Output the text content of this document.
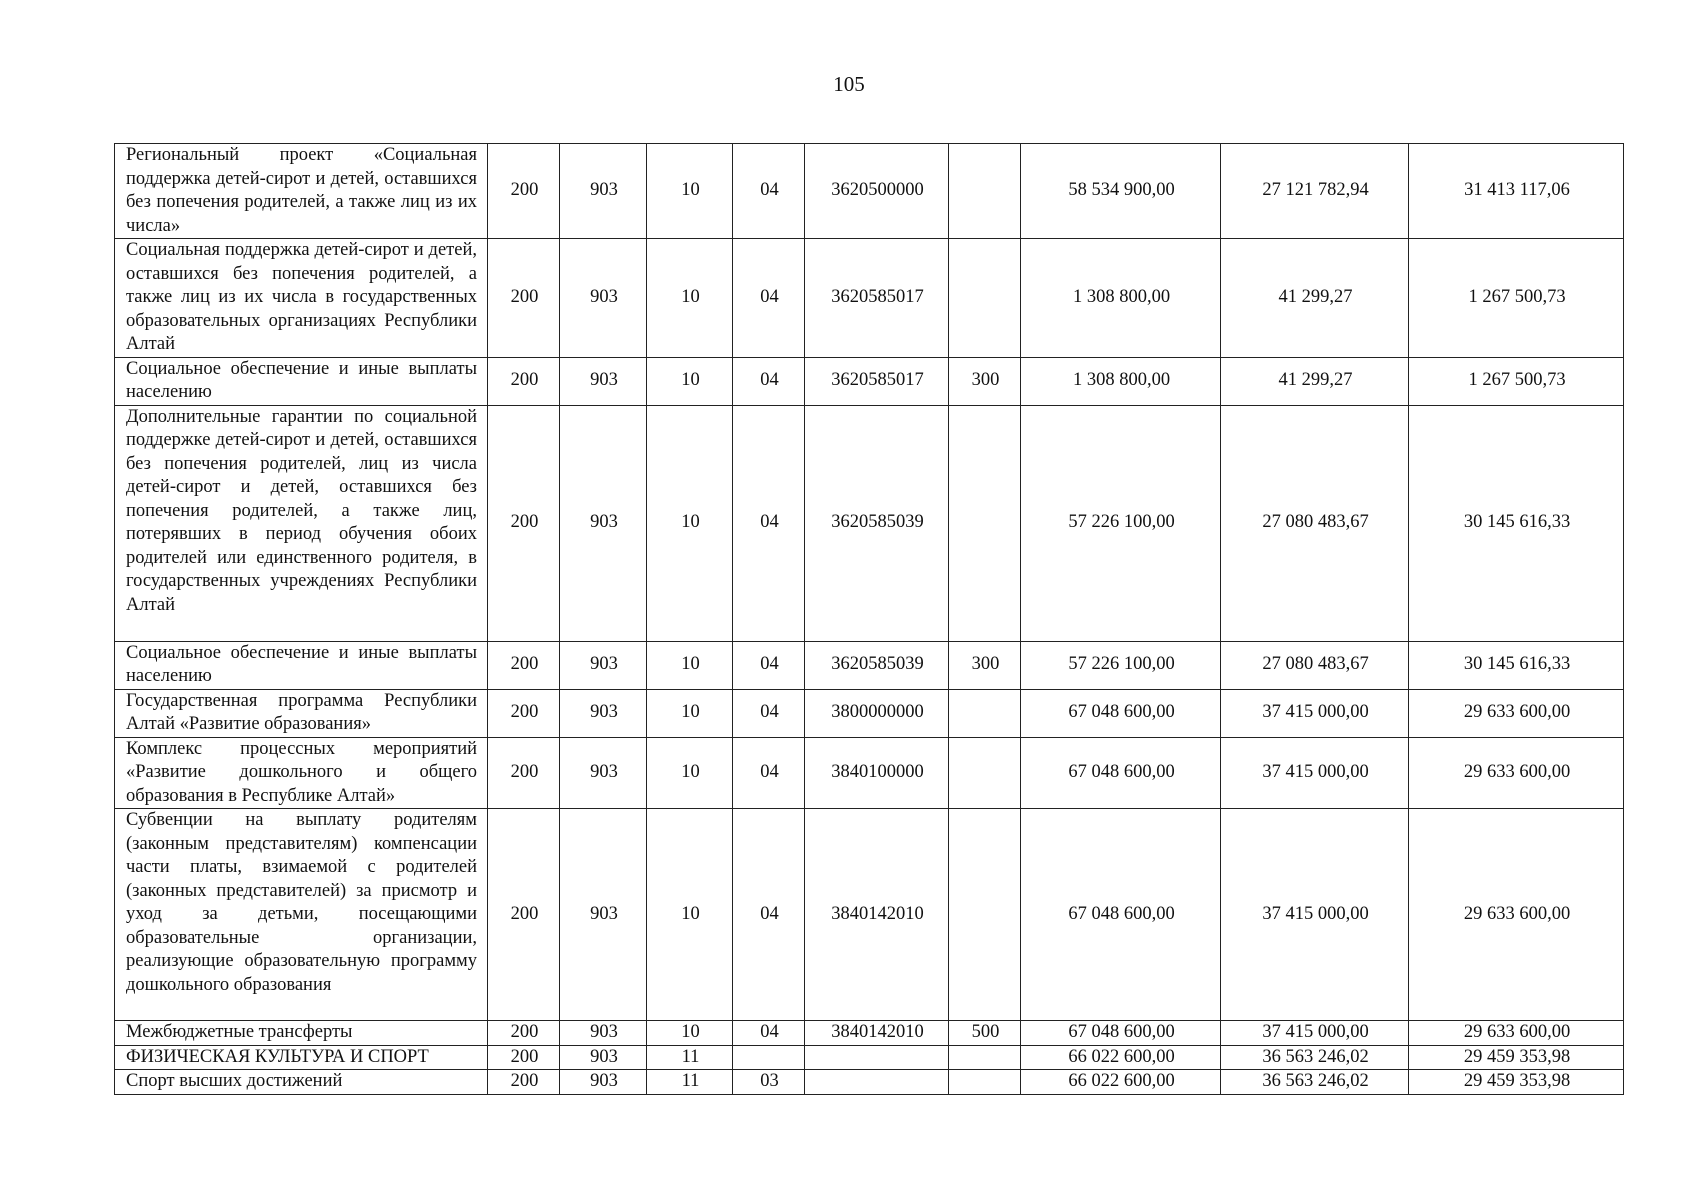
105
Региональный проект «Социальная поддержка детей-сирот и детей, оставшихся без попечения родителей, а также лиц из их числа»	200	903	10	04	3620500000		58 534 900,00	27 121 782,94	31 413 117,06
Социальная поддержка детей-сирот и детей, оставшихся без попечения родителей, а также лиц из их числа в государственных образовательных организациях Республики Алтай	200	903	10	04	3620585017		1 308 800,00	41 299,27	1 267 500,73
Социальное обеспечение и иные выплаты населению	200	903	10	04	3620585017	300	1 308 800,00	41 299,27	1 267 500,73
Дополнительные гарантии по социальной поддержке детей-сирот и детей, оставшихся без попечения родителей, лиц из числа детей-сирот и детей, оставшихся без попечения родителей, а также лиц, потерявших в период обучения обоих родителей или единственного родителя, в государственных учреждениях Республики Алтай	200	903	10	04	3620585039		57 226 100,00	27 080 483,67	30 145 616,33
Социальное обеспечение и иные выплаты населению	200	903	10	04	3620585039	300	57 226 100,00	27 080 483,67	30 145 616,33
Государственная программа Республики Алтай «Развитие образования»	200	903	10	04	3800000000		67 048 600,00	37 415 000,00	29 633 600,00
Комплекс процессных мероприятий «Развитие дошкольного и общего образования в Республике Алтай»	200	903	10	04	3840100000		67 048 600,00	37 415 000,00	29 633 600,00
Субвенции на выплату родителям (законным представителям) компенсации части платы, взимаемой с родителей (законных представителей) за присмотр и уход за детьми, посещающими образовательные организации, реализующие образовательную программу дошкольного образования	200	903	10	04	3840142010		67 048 600,00	37 415 000,00	29 633 600,00
Межбюджетные трансферты	200	903	10	04	3840142010	500	67 048 600,00	37 415 000,00	29 633 600,00
ФИЗИЧЕСКАЯ КУЛЬТУРА И СПОРТ	200	903	11				66 022 600,00	36 563 246,02	29 459 353,98
Спорт высших достижений	200	903	11	03			66 022 600,00	36 563 246,02	29 459 353,98
